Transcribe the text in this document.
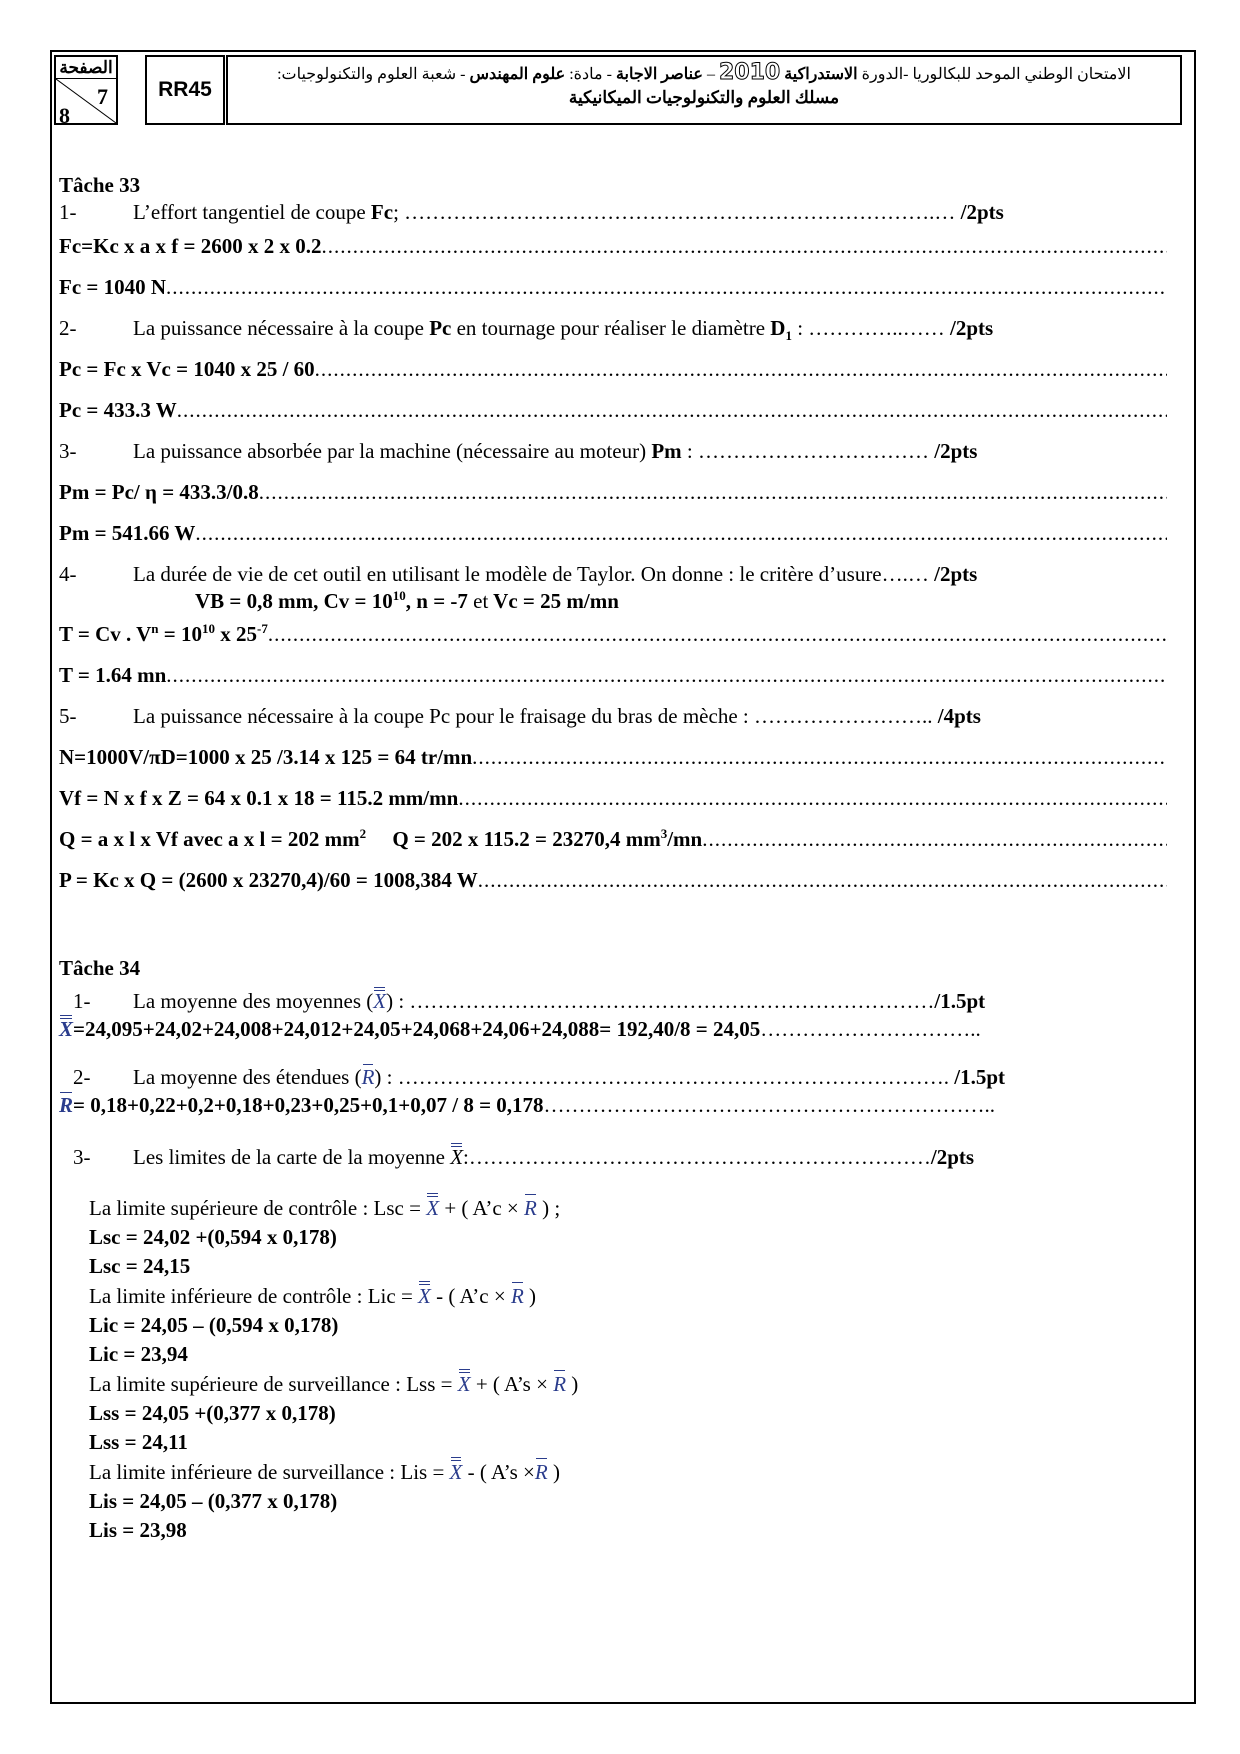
الصفحة
7
8
RR45
الامتحان الوطني الموحد للبكالوريا -الدورة الاستدراكية 2010 – عناصر الاجابة - مادة: علوم المهندس - شعبة العلوم والتكنولوجيات:
مسلك العلوم والتكنولوجيات الميكانيكية
Tâche 33
1-	L’effort tangentiel de coupe Fc; ………………………………………………………………….… /2pts
Fc=Kc x a x f = 2600 x 2 x 0.2
.....
Fc = 1040 N
.....
2-	La puissance nécessaire à la coupe Pc en tournage pour réaliser le diamètre $D_1$ : …………..…… /2pts
Pc = Fc x Vc = 1040 x 25 / 60
.....
Pc = 433.3 W
.....
3-	La puissance absorbée par la machine (nécessaire au moteur) Pm : …………………………… /2pts
Pm = Pc/ η = 433.3/0.8
.....
Pm = 541.66 W
.....
4-	La durée de vie de cet outil en utilisant le modèle de Taylor. On donne : le critère d’usure….… /2pts
VB = 0,8 mm, $Cv = 10^{10}$, n = -7 et Vc = 25 m/mn
T = Cv . $V^n = 10^{10}$ x $25^{-7}$
.....
T = 1.64 mn
.....
5-	La puissance nécessaire à la coupe Pc pour le fraisage du bras de mèche : …………………….. /4pts
N=1000V/πD=1000 x 25 /3.14 x 125 = 64 tr/mn
.....
Vf = N x f x Z = 64 x 0.1 x 18 = 115.2 mm/mn
.....
Q = a x l x Vf avec a x l = 202 $mm^2$     Q = 202 x 115.2 = 23270,4 $mm^3/mn$
.....
P = Kc x Q = (2600 x 23270,4)/60 = 1008,384 W
.....
Tâche 34
1- La moyenne des moyennes (X) : …………………………………………………………………/1.5pt
X=24,095+24,02+24,008+24,012+24,05+24,068+24,06+24,088= 192,40/8 = 24,05…………………………..
2- La moyenne des étendues (R) : ……………………………………………………………………. /1.5pt
R= 0,18+0,22+0,2+0,18+0,23+0,25+0,1+0,07 / 8 = 0,178………………………………………………………..
3- Les limites de la carte de la moyenne X:…………………………………………………………/2pts
La limite supérieure de contrôle : Lsc = X + ( A’c × R ) ;
Lsc = 24,02 +(0,594 x 0,178)
Lsc = 24,15
La limite inférieure de contrôle : Lic = X - ( A’c × R )
Lic = 24,05 – (0,594 x 0,178)
Lic = 23,94
La limite supérieure de surveillance : Lss = X + ( A’s × R )
Lss = 24,05 +(0,377 x 0,178)
Lss = 24,11
La limite inférieure de surveillance : Lis = X - ( A’s ×R )
Lis = 24,05 – (0,377 x 0,178)
Lis = 23,98
